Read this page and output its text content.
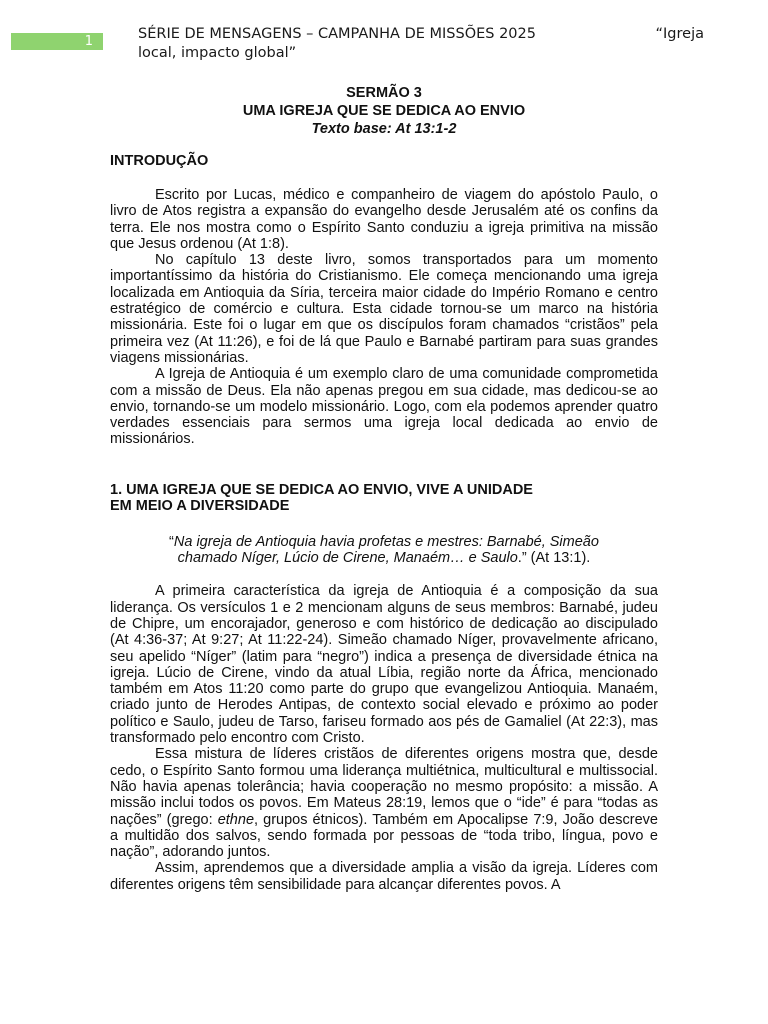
1	SÉRIE DE MENSAGENS – CAMPANHA DE MISSÕES 2025	“Igreja
local, impacto global”
SERMÃO 3
UMA IGREJA QUE SE DEDICA AO ENVIO
Texto base: At 13:1-2
INTRODUÇÃO

Escrito por Lucas, médico e companheiro de viagem do apóstolo Paulo, o livro de Atos registra a expansão do evangelho desde Jerusalém até os confins da terra. Ele nos mostra como o Espírito Santo conduziu a igreja primitiva na missão que Jesus ordenou (At 1:8).

No capítulo 13 deste livro, somos transportados para um momento importantíssimo da história do Cristianismo. Ele começa mencionando uma igreja localizada em Antioquia da Síria, terceira maior cidade do Império Romano e centro estratégico de comércio e cultura. Esta cidade tornou-se um marco na história missionária. Este foi o lugar em que os discípulos foram chamados “cristãos” pela primeira vez (At 11:26), e foi de lá que Paulo e Barnabé partiram para suas grandes viagens missionárias.

A Igreja de Antioquia é um exemplo claro de uma comunidade comprometida com a missão de Deus. Ela não apenas pregou em sua cidade, mas dedicou-se ao envio, tornando-se um modelo missionário. Logo, com ela podemos aprender quatro verdades essenciais para sermos uma igreja local dedicada ao envio de missionários.

1. UMA IGREJA QUE SE DEDICA AO ENVIO, VIVE A UNIDADE
EM MEIO A DIVERSIDADE

“Na igreja de Antioquia havia profetas e mestres: Barnabé, Simeão chamado Níger, Lúcio de Cirene, Manaém… e Saulo.” (At 13:1).

A primeira característica da igreja de Antioquia é a composição da sua liderança. Os versículos 1 e 2 mencionam alguns de seus membros: Barnabé, judeu de Chipre, um encorajador, generoso e com histórico de dedicação ao discipulado (At 4:36-37; At 9:27; At 11:22-24). Simeão chamado Níger, provavelmente africano, seu apelido “Níger” (latim para “negro”) indica a presença de diversidade étnica na igreja. Lúcio de Cirene, vindo da atual Líbia, região norte da África, mencionado também em Atos 11:20 como parte do grupo que evangelizou Antioquia. Manaém, criado junto de Herodes Antipas, de contexto social elevado e próximo ao poder político e Saulo, judeu de Tarso, fariseu formado aos pés de Gamaliel (At 22:3), mas transformado pelo encontro com Cristo.

Essa mistura de líderes cristãos de diferentes origens mostra que, desde cedo, o Espírito Santo formou uma liderança multiétnica, multicultural e multissocial. Não havia apenas tolerância; havia cooperação no mesmo propósito: a missão. A missão inclui todos os povos. Em Mateus 28:19, lemos que o “ide” é para “todas as nações” (grego: ethne, grupos étnicos). Também em Apocalipse 7:9, João descreve a multidão dos salvos, sendo formada por pessoas de “toda tribo, língua, povo e nação”, adorando juntos.

Assim, aprendemos que a diversidade amplia a visão da igreja. Líderes com diferentes origens têm sensibilidade para alcançar diferentes povos. A
